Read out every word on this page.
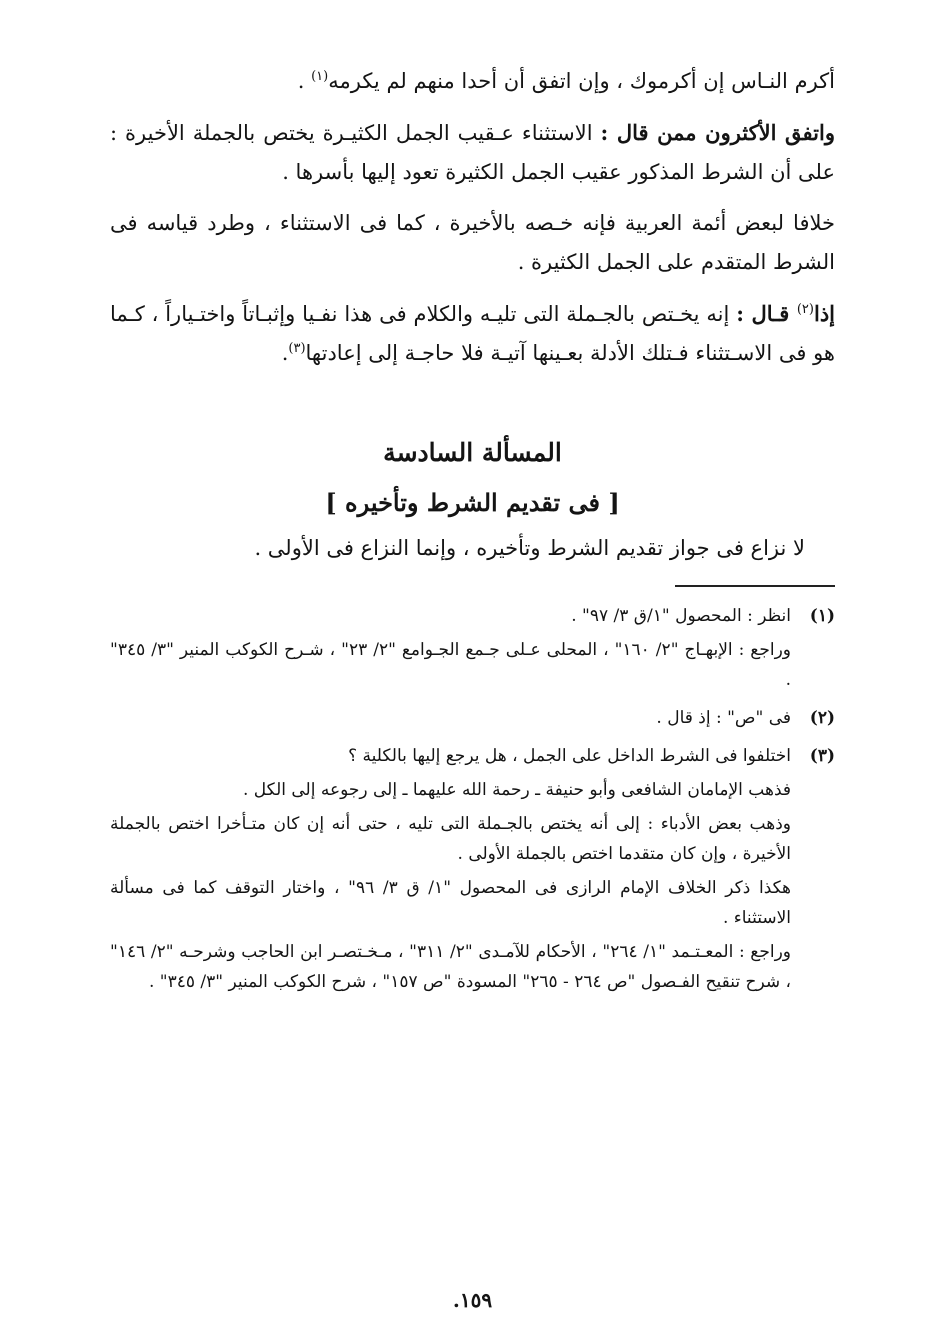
أكرم النـاس إن أكرموك ، وإن اتفق أن أحدا منهم لم يكرمه$^{(١)}$ .

واتفق الأكثرون ممن قال : الاستثناء عـقيب الجمل الكثيـرة يختص بالجملة الأخيرة : على أن الشرط المذكور عقيب الجمل الكثيرة تعود إليها بأسرها .

خلافا لبعض أئمة العربية فإنه خـصه بالأخيرة ، كما فى الاستثناء ، وطرد قياسه فى الشرط المتقدم على الجمل الكثيرة .

إذا$^{(٢)}$ قـال : إنه يخـتص بالجـملة التى تليـه والكلام فى هذا نفـيا وإثبـاتاً واختـياراً ، كـما هو فى الاسـتثناء فـتلك الأدلة بعـينها آتيـة فلا حاجـة إلى إعادتها$^{(٣)}$.

المسألة السادسة
[ فى تقديم الشرط وتأخيره ]

لا نزاع فى جواز تقديم الشرط وتأخيره ، وإنما النزاع فى الأولى .

(١)
انظر : المحصول "١/ق ٣/ ٩٧" .
وراجع : الإبهـاج "٢/ ١٦٠" ، المحلى عـلى جـمع الجـوامع "٢/ ٢٣" ، شـرح الكوكب المنير "٣/ ٣٤٥" .
(٢)
فى "ص" : إذ قال .
(٣)
اختلفوا فى الشرط الداخل على الجمل ، هل يرجع إليها بالكلية ؟
فذهب الإمامان الشافعى وأبو حنيفة ـ رحمة الله عليهما ـ إلى رجوعه إلى الكل .
وذهب بعض الأدباء : إلى أنه يختص بالجـملة التى تليه ، حتى أنه إن كان متـأخرا اختص بالجملة الأخيرة ، وإن كان متقدما اختص بالجملة الأولى .
هكذا ذكر الخلاف الإمام الرازى فى المحصول "١/ ق ٣/ ٩٦" ، واختار التوقف كما فى مسألة الاستثناء .
وراجع : المعـتـمد "١/ ٢٦٤" ، الأحكام للآمـدى "٢/ ٣١١" ، مـخـتصـر ابن الحاجب وشرحـه "٢/ ١٤٦" ، شرح تنقيح الفـصول "ص ٢٦٤ - ٢٦٥" المسودة "ص ١٥٧" ، شرح الكوكب المنير "٣/ ٣٤٥" .
١٥٩.
